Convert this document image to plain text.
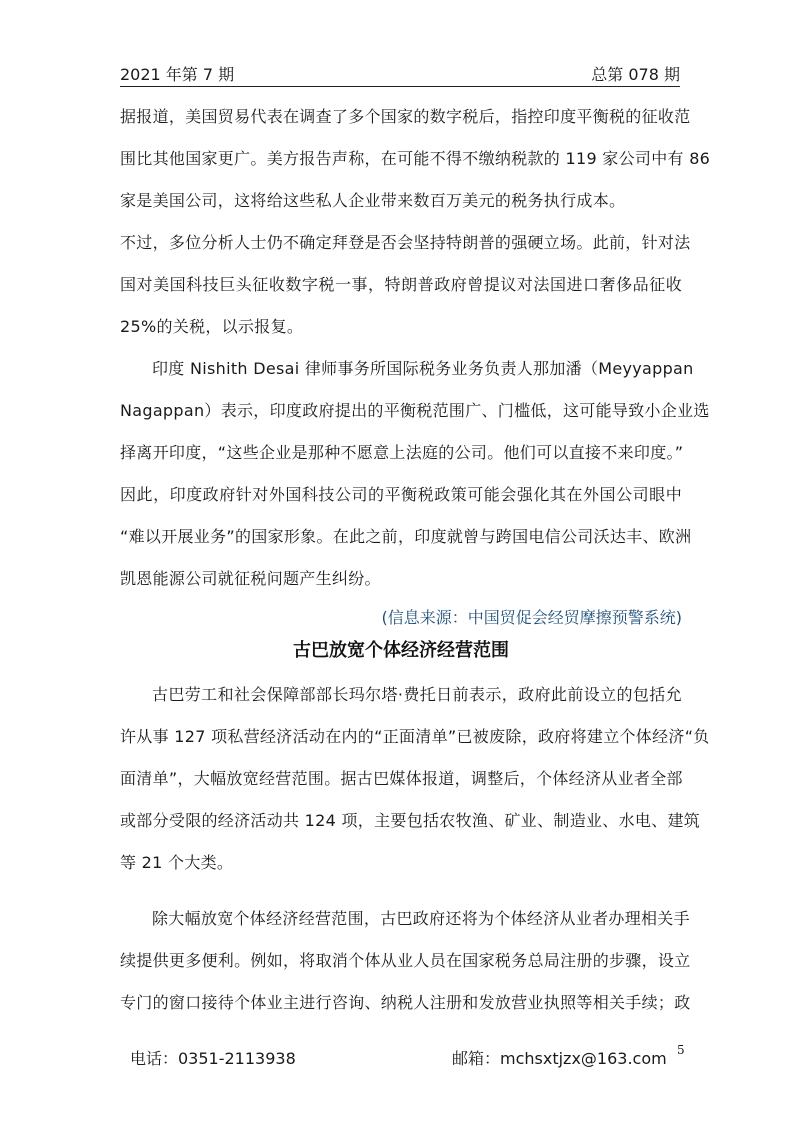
2021 年第 7 期	总第 078 期

据报道，美国贸易代表在调查了多个国家的数字税后，指控印度平衡税的征收范

围比其他国家更广。美方报告声称，在可能不得不缴纳税款的 119 家公司中有 86

家是美国公司，这将给这些私人企业带来数百万美元的税务执行成本。

不过，多位分析人士仍不确定拜登是否会坚持特朗普的强硬立场。此前，针对法

国对美国科技巨头征收数字税一事，特朗普政府曾提议对法国进口奢侈品征收

25%的关税，以示报复。

印度 Nishith Desai 律师事务所国际税务业务负责人那加潘（Meyyappan

Nagappan）表示，印度政府提出的平衡税范围广、门槛低，这可能导致小企业选

择离开印度，“这些企业是那种不愿意上法庭的公司。他们可以直接不来印度。”

因此，印度政府针对外国科技公司的平衡税政策可能会强化其在外国公司眼中

“难以开展业务”的国家形象。在此之前，印度就曾与跨国电信公司沃达丰、欧洲

凯恩能源公司就征税问题产生纠纷。

(信息来源：中国贸促会经贸摩擦预警系统)
古巴放宽个体经济经营范围

古巴劳工和社会保障部部长玛尔塔·费托日前表示，政府此前设立的包括允

许从事 127 项私营经济活动在内的“正面清单”已被废除，政府将建立个体经济“负

面清单”，大幅放宽经营范围。据古巴媒体报道，调整后，个体经济从业者全部

或部分受限的经济活动共 124 项，主要包括农牧渔、矿业、制造业、水电、建筑

等 21 个大类。

除大幅放宽个体经济经营范围，古巴政府还将为个体经济从业者办理相关手

续提供更多便利。例如，将取消个体从业人员在国家税务总局注册的步骤，设立

专门的窗口接待个体业主进行咨询、纳税人注册和发放营业执照等相关手续；政

电话：0351-2113938	邮箱：mchsxtjzx@163.com 5
